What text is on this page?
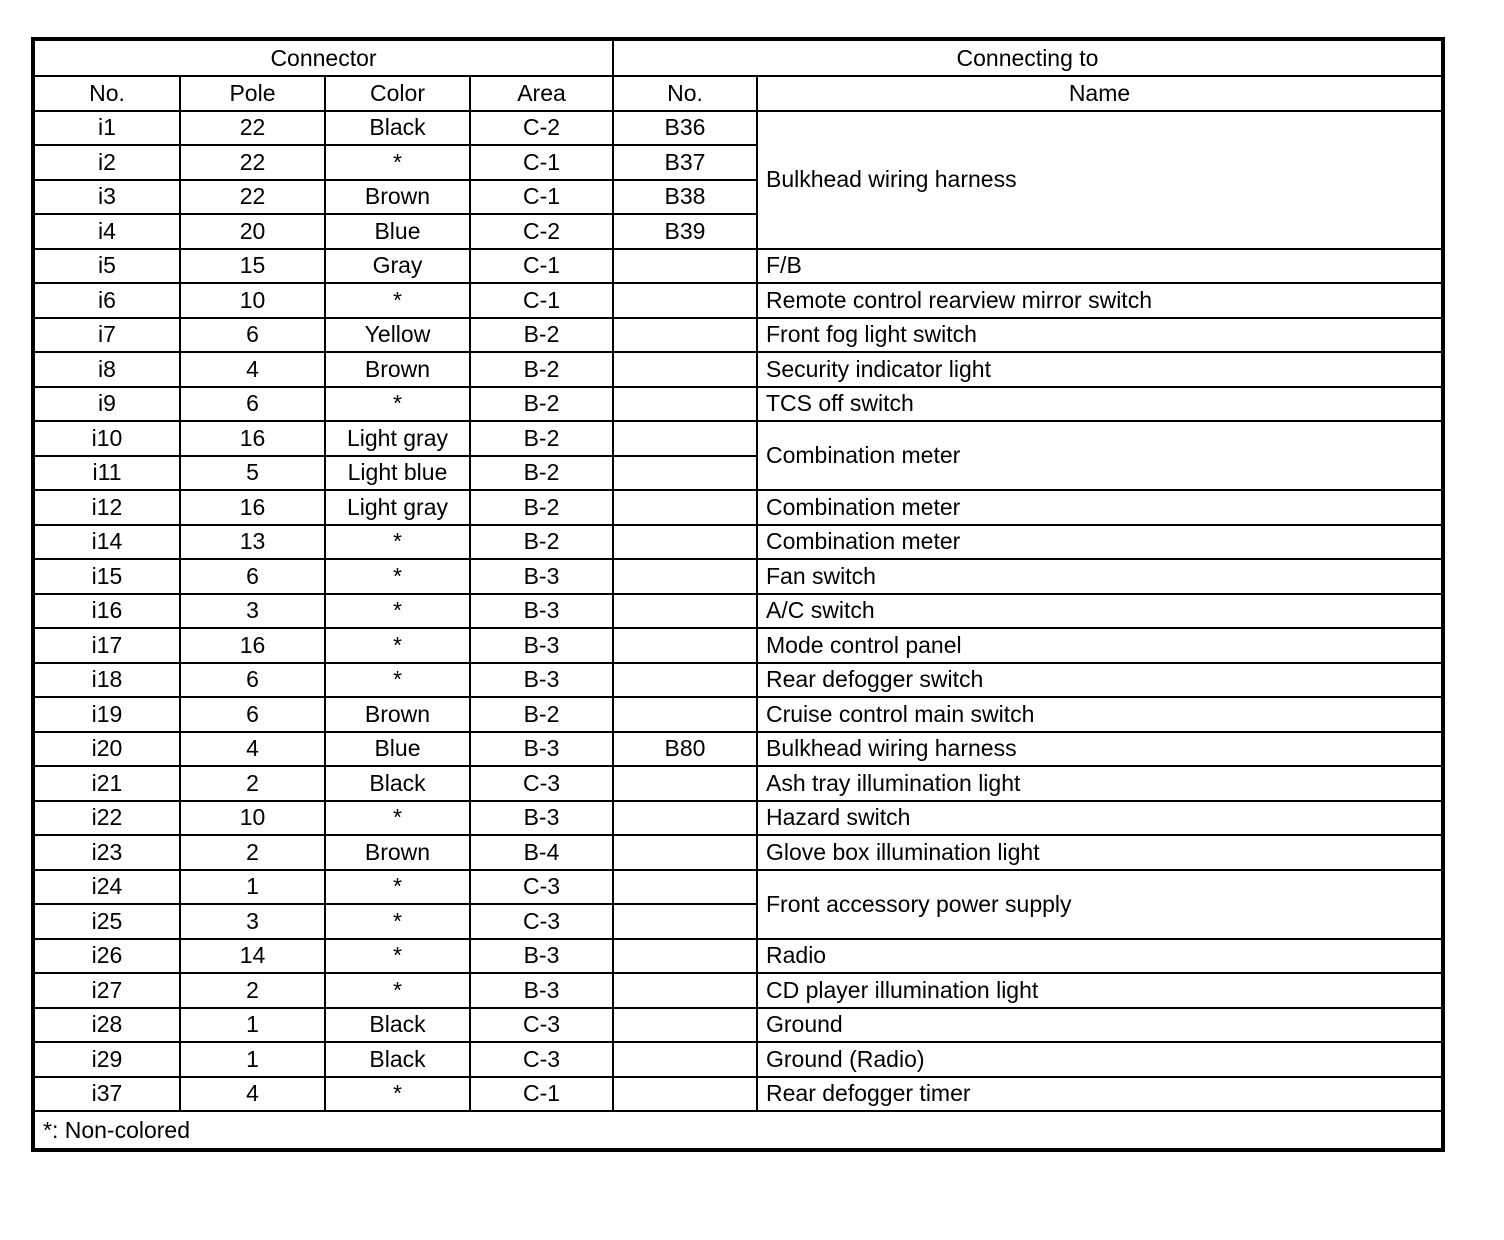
Connector				Connecting to	
No.	Pole	Color	Area	No.	Name
i1	22	Black	C-2	B36	Bulkhead wiring harness
i2	22	*	C-1	B37	
i3	22	Brown	C-1	B38	
i4	20	Blue	C-2	B39	
i5	15	Gray	C-1		F/B
i6	10	*	C-1		Remote control rearview mirror switch
i7	6	Yellow	B-2		Front fog light switch
i8	4	Brown	B-2		Security indicator light
i9	6	*	B-2		TCS off switch
i10	16	Light gray	B-2		Combination meter
i11	5	Light blue	B-2		
i12	16	Light gray	B-2		Combination meter
i14	13	*	B-2		Combination meter
i15	6	*	B-3		Fan switch
i16	3	*	B-3		A/C switch
i17	16	*	B-3		Mode control panel
i18	6	*	B-3		Rear defogger switch
i19	6	Brown	B-2		Cruise control main switch
i20	4	Blue	B-3	B80	Bulkhead wiring harness
i21	2	Black	C-3		Ash tray illumination light
i22	10	*	B-3		Hazard switch
i23	2	Brown	B-4		Glove box illumination light
i24	1	*	C-3		Front accessory power supply
i25	3	*	C-3		
i26	14	*	B-3		Radio
i27	2	*	B-3		CD player illumination light
i28	1	Black	C-3		Ground
i29	1	Black	C-3		Ground (Radio)
i37	4	*	C-1		Rear defogger timer
*: Non-colored					
